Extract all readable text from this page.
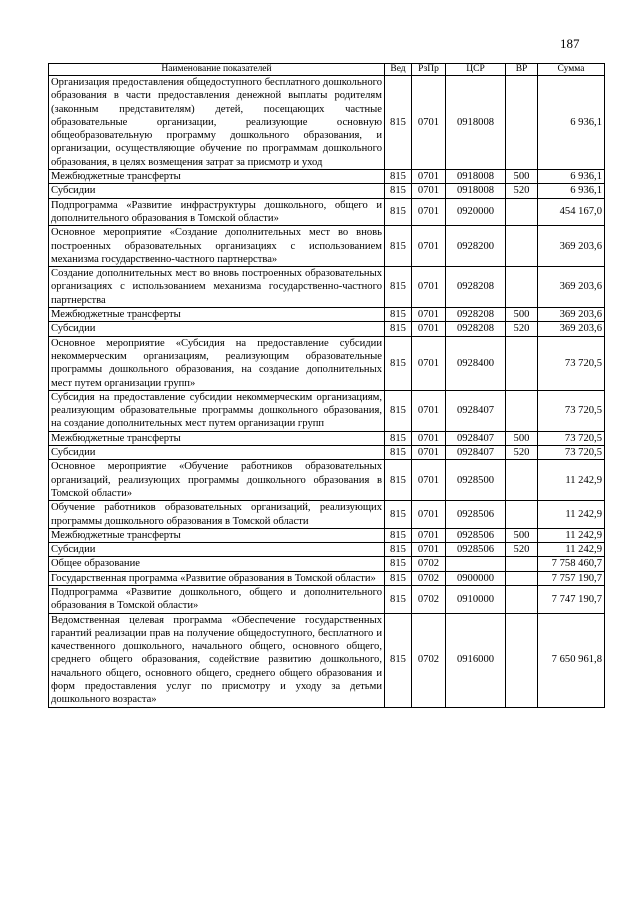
187
Наименование показателей	Вед	РзПр	ЦСР	ВР	Сумма
Организация предоставления общедоступного бесплатного дошкольного образования в части предоставления денежной выплаты родителям (законным представителям) детей, посещающих частные образовательные организации, реализующие основную общеобразовательную программу дошкольного образования, и организации, осуществляющие обучение по программам дошкольного образования, в целях возмещения затрат за присмотр и уход	815	0701	0918008		6 936,1
Межбюджетные трансферты	815	0701	0918008	500	6 936,1
Субсидии	815	0701	0918008	520	6 936,1
Подпрограмма «Развитие инфраструктуры дошкольного, общего и дополнительного образования в Томской области»	815	0701	0920000		454 167,0
Основное мероприятие «Создание дополнительных мест во вновь построенных образовательных организациях с использованием механизма государственно-частного партнерства»	815	0701	0928200		369 203,6
Создание дополнительных мест во вновь построенных образовательных организациях с использованием механизма государственно-частного партнерства	815	0701	0928208		369 203,6
Межбюджетные трансферты	815	0701	0928208	500	369 203,6
Субсидии	815	0701	0928208	520	369 203,6
Основное мероприятие «Субсидия на предоставление субсидии некоммерческим организациям, реализующим образовательные программы дошкольного образования, на создание дополнительных мест путем организации групп»	815	0701	0928400		73 720,5
Субсидия на предоставление субсидии некоммерческим организациям, реализующим образовательные программы дошкольного образования, на создание дополнительных мест путем организации групп	815	0701	0928407		73 720,5
Межбюджетные трансферты	815	0701	0928407	500	73 720,5
Субсидии	815	0701	0928407	520	73 720,5
Основное мероприятие «Обучение работников образовательных организаций, реализующих программы дошкольного образования в Томской области»	815	0701	0928500		11 242,9
Обучение работников образовательных организаций, реализующих программы дошкольного образования в Томской области	815	0701	0928506		11 242,9
Межбюджетные трансферты	815	0701	0928506	500	11 242,9
Субсидии	815	0701	0928506	520	11 242,9
Общее образование	815	0702			7 758 460,7
Государственная программа «Развитие образования в Томской области»	815	0702	0900000		7 757 190,7
Подпрограмма «Развитие дошкольного, общего и дополнительного образования в Томской области»	815	0702	0910000		7 747 190,7
Ведомственная целевая программа «Обеспечение государственных гарантий реализации прав на получение общедоступного, бесплатного и качественного дошкольного, начального общего, основного общего, среднего общего образования, содействие развитию дошкольного, начального общего, основного общего, среднего общего образования и форм предоставления услуг по присмотру и уходу за детьми дошкольного возраста»	815	0702	0916000		7 650 961,8
